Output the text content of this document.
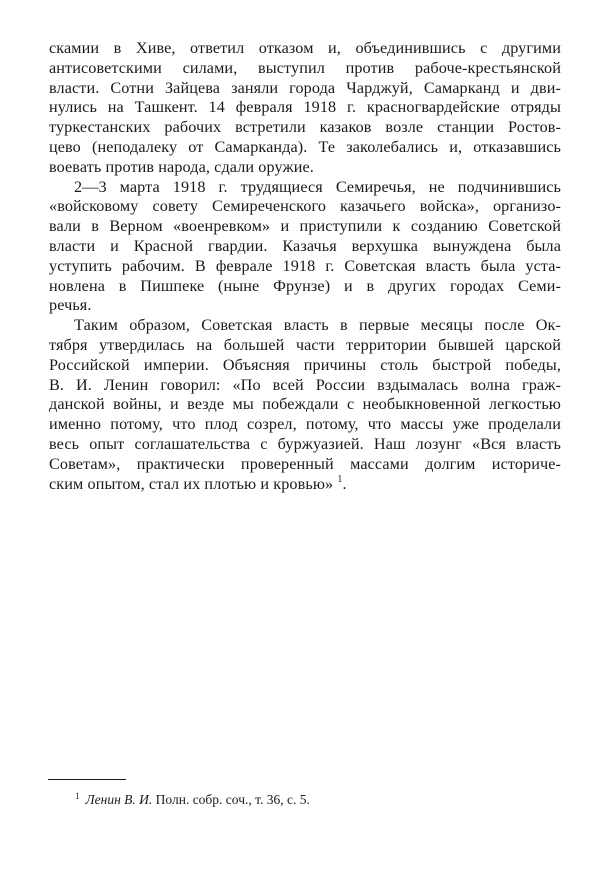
скамии в Хиве, ответил отказом и, объединившись с другими
антисоветскими силами, выступил против рабоче-крестьянской
власти. Сотни Зайцева заняли города Чарджуй, Самарканд и дви-
нулись на Ташкент. 14 февраля 1918 г. красногвардейские отряды
туркестанских рабочих встретили казаков возле станции Ростов-
цево (неподалеку от Самарканда). Те заколебались и, отказавшись
воевать против народа, сдали оружие.
2—3 марта 1918 г. трудящиеся Семиречья, не подчинившись
«войсковому совету Семиреченского казачьего войска», организо-
вали в Верном «военревком» и приступили к созданию Советской
власти и Красной гвардии. Казачья верхушка вынуждена была
уступить рабочим. В феврале 1918 г. Советская власть была уста-
новлена в Пишпеке (ныне Фрунзе) и в других городах Семи-
речья.
Таким образом, Советская власть в первые месяцы после Ок-
тября утвердилась на большей части территории бывшей царской
Российской империи. Объясняя причины столь быстрой победы,
В. И. Ленин говорил: «По всей России вздымалась волна граж-
данской войны, и везде мы побеждали с необыкновенной легкостью
именно потому, что плод созрел, потому, что массы уже проделали
весь опыт соглашательства с буржуазией. Наш лозунг «Вся власть
Советам», практически проверенный массами долгим историче-
ским опытом, стал их плотью и кровью» $^1$.
$^1$ Ленин В. И. Полн. собр. соч., т. 36, с. 5.
